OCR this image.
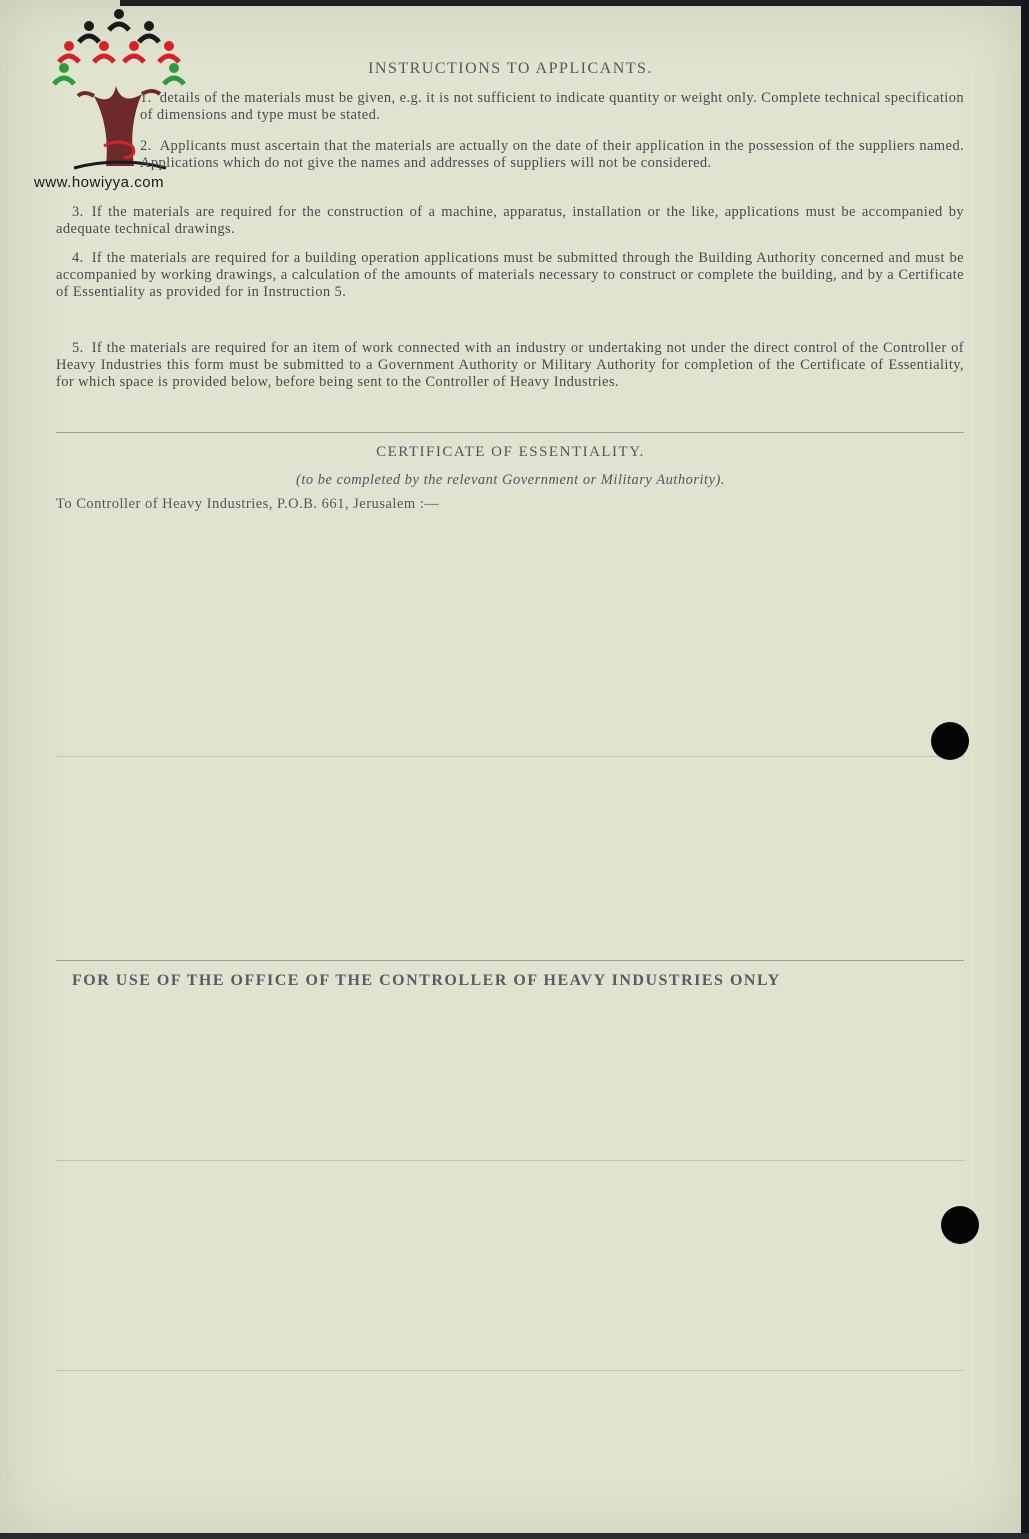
www.howiyya.com
INSTRUCTIONS TO APPLICANTS.
1. details of the materials must be given, e.g. it is not sufficient to indicate quantity or weight only. Complete technical specification of dimensions and type must be stated.
2. Applicants must ascertain that the materials are actually on the date of their application in the possession of the suppliers named. Applications which do not give the names and addresses of suppliers will not be considered.
3. If the materials are required for the construction of a machine, apparatus, installation or the like, applications must be accompanied by adequate technical drawings.
4. If the materials are required for a building operation applications must be submitted through the Building Authority concerned and must be accompanied by working drawings, a calculation of the amounts of materials necessary to construct or complete the building, and by a Certificate of Essentiality as provided for in Instruction 5.
5. If the materials are required for an item of work connected with an industry or undertaking not under the direct control of the Controller of Heavy Industries this form must be submitted to a Government Authority or Military Authority for completion of the Certificate of Essentiality, for which space is provided below, before being sent to the Controller of Heavy Industries.
CERTIFICATE OF ESSENTIALITY.
(to be completed by the relevant Government or Military Authority).
To Controller of Heavy Industries, P.O.B. 661, Jerusalem :—
FOR USE OF THE OFFICE OF THE CONTROLLER OF HEAVY INDUSTRIES ONLY
